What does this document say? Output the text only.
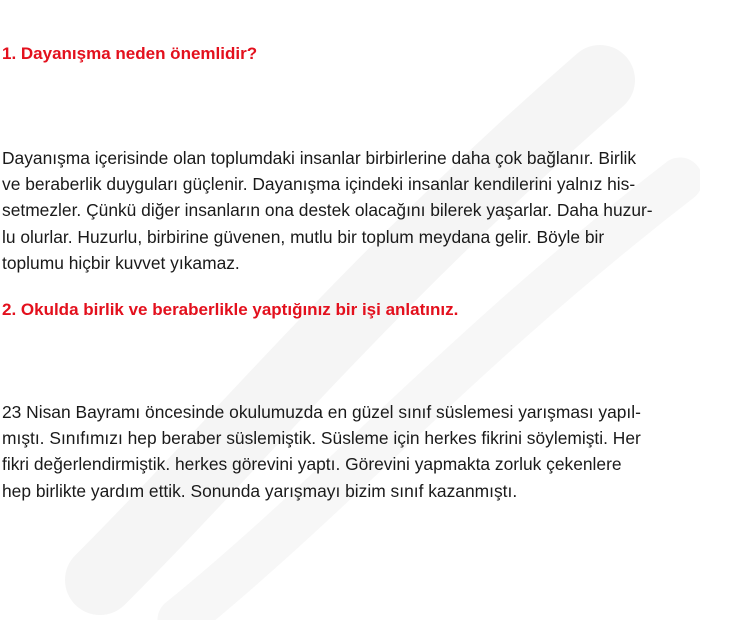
1. Dayanışma neden önemlidir?

Dayanışma içerisinde olan toplumdaki insanlar birbirlerine daha çok bağlanır. Birlik
ve beraberlik duyguları güçlenir. Dayanışma içindeki insanlar kendilerini yalnız his-
setmezler. Çünkü diğer insanların ona destek olacağını bilerek yaşarlar. Daha huzur-
lu olurlar. Huzurlu, birbirine güvenen, mutlu bir toplum meydana gelir. Böyle bir
toplumu hiçbir kuvvet yıkamaz.

2. Okulda birlik ve beraberlikle yaptığınız bir işi anlatınız.

23 Nisan Bayramı öncesinde okulumuzda en güzel sınıf süslemesi yarışması yapıl-
mıştı. Sınıfımızı hep beraber süslemiştik. Süsleme için herkes fikrini söylemişti. Her
fikri değerlendirmiştik. herkes görevini yaptı. Görevini yapmakta zorluk çekenlere
hep birlikte yardım ettik. Sonunda yarışmayı bizim sınıf kazanmıştı.
